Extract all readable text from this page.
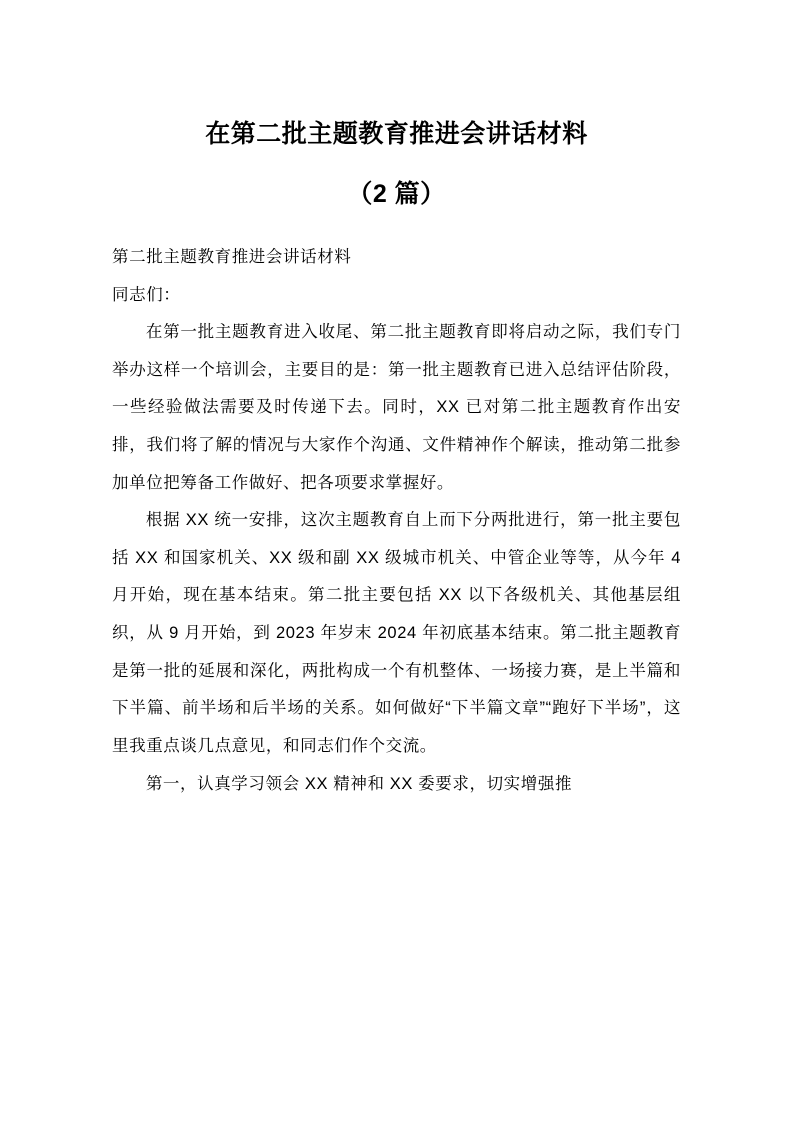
在第二批主题教育推进会讲话材料
（2 篇）

第二批主题教育推进会讲话材料

同志们：

在第一批主题教育进入收尾、第二批主题教育即将启动之际，我们专门举办这样一个培训会，主要目的是：第一批主题教育已进入总结评估阶段，一些经验做法需要及时传递下去。同时，XX 已对第二批主题教育作出安排，我们将了解的情况与大家作个沟通、文件精神作个解读，推动第二批参加单位把筹备工作做好、把各项要求掌握好。

根据 XX 统一安排，这次主题教育自上而下分两批进行，第一批主要包括 XX 和国家机关、XX 级和副 XX 级城市机关、中管企业等等，从今年 4 月开始，现在基本结束。第二批主要包括 XX 以下各级机关、其他基层组织，从 9 月开始，到 2023 年岁末 2024 年初底基本结束。第二批主题教育是第一批的延展和深化，两批构成一个有机整体、一场接力赛，是上半篇和下半篇、前半场和后半场的关系。如何做好“下半篇文章”“跑好下半场”，这里我重点谈几点意见，和同志们作个交流。

第一，认真学习领会 XX 精神和 XX 委要求，切实增强推
